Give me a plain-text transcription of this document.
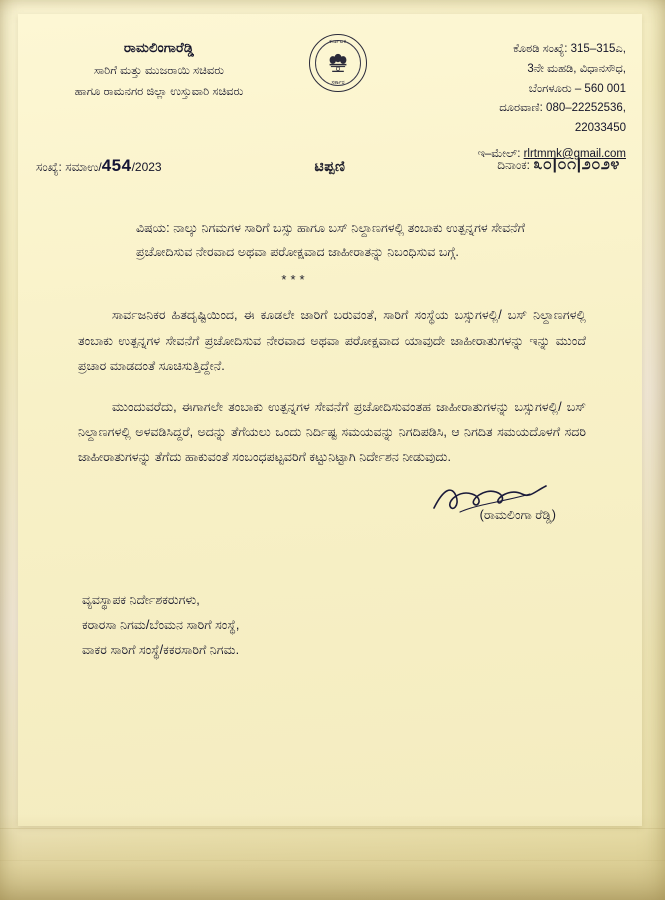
ರಾಮಲಿಂಗಾರೆಡ್ಡಿ
ಸಾರಿಗೆ ಮತ್ತು ಮುಜರಾಯಿ ಸಚಿವರು
ಹಾಗೂ ರಾಮನಗರ ಜಿಲ್ಲಾ ಉಸ್ತುವಾರಿ ಸಚಿವರು
ಕರ್ನಾಟಕ
ಸರ್ಕಾರ
ಕೊಠಡಿ ಸಂಖ್ಯೆ: 315–315ಎ,
3ನೇ ಮಹಡಿ, ವಿಧಾನಸೌಧ,
ಬೆಂಗಳೂರು – 560 001
ದೂರವಾಣಿ: 080–22252536,
22033450
ಇ–ಮೇಲ್: rlrtmmk@gmail.com
ಸಂಖ್ಯೆ: ಸಮಾಉ/454/2023	ಟಿಪ್ಪಣಿ	ದಿನಾಂಕ: ೩೦|೦೧|೨೦೨೪
ವಿಷಯ: ನಾಲ್ಕು ನಿಗಮಗಳ ಸಾರಿಗೆ ಬಸ್ಸು ಹಾಗೂ ಬಸ್ ನಿಲ್ದಾಣಗಳಲ್ಲಿ ತಂಬಾಕು ಉತ್ಪನ್ನಗಳ ಸೇವನೆಗೆ ಪ್ರಚೋದಿಸುವ ನೇರವಾದ ಅಥವಾ ಪರೋಕ್ಷವಾದ ಜಾಹೀರಾತನ್ನು ನಿಬಂಧಿಸುವ ಬಗ್ಗೆ.
***
ಸಾರ್ವಜನಿಕರ ಹಿತದೃಷ್ಟಿಯಿಂದ, ಈ ಕೂಡಲೇ ಜಾರಿಗೆ ಬರುವಂತೆ, ಸಾರಿಗೆ ಸಂಸ್ಥೆಯ ಬಸ್ಸುಗಳಲ್ಲಿ/ ಬಸ್ ನಿಲ್ದಾಣಗಳಲ್ಲಿ ತಂಬಾಕು ಉತ್ಪನ್ನಗಳ ಸೇವನೆಗೆ ಪ್ರಚೋದಿಸುವ ನೇರವಾದ ಅಥವಾ ಪರೋಕ್ಷವಾದ ಯಾವುದೇ ಜಾಹೀರಾತುಗಳನ್ನು ಇನ್ನು ಮುಂದೆ ಪ್ರಚಾರ ಮಾಡದಂತೆ ಸೂಚಿಸುತ್ತಿದ್ದೇನೆ.
ಮುಂದುವರೆದು, ಈಗಾಗಲೇ ತಂಬಾಕು ಉತ್ಪನ್ನಗಳ ಸೇವನೆಗೆ ಪ್ರಚೋದಿಸುವಂತಹ ಜಾಹೀರಾತುಗಳನ್ನು ಬಸ್ಸುಗಳಲ್ಲಿ/ ಬಸ್ ನಿಲ್ದಾಣಗಳಲ್ಲಿ ಅಳವಡಿಸಿದ್ದರೆ, ಅದನ್ನು ತೆಗೆಯಲು ಒಂದು ನಿರ್ದಿಷ್ಟ ಸಮಯವನ್ನು ನಿಗದಿಪಡಿಸಿ, ಆ ನಿಗದಿತ ಸಮಯದೊಳಗೆ ಸದರಿ ಜಾಹೀರಾತುಗಳನ್ನು ತೆಗೆದು ಹಾಕುವಂತೆ ಸಂಬಂಧಪಟ್ಟವರಿಗೆ ಕಟ್ಟುನಿಟ್ಟಾಗಿ ನಿರ್ದೇಶನ ನೀಡುವುದು.
(ರಾಮಲಿಂಗಾ ರೆಡ್ಡಿ)
ವ್ಯವಸ್ಥಾಪಕ ನಿರ್ದೇಶಕರುಗಳು,
ಕರಾರಸಾ ನಿಗಮ/ಬೆಂಮನ ಸಾರಿಗೆ ಸಂಸ್ಥೆ,
ವಾಕರ ಸಾರಿಗೆ ಸಂಸ್ಥೆ/ಕಕರಸಾರಿಗೆ ನಿಗಮ.
